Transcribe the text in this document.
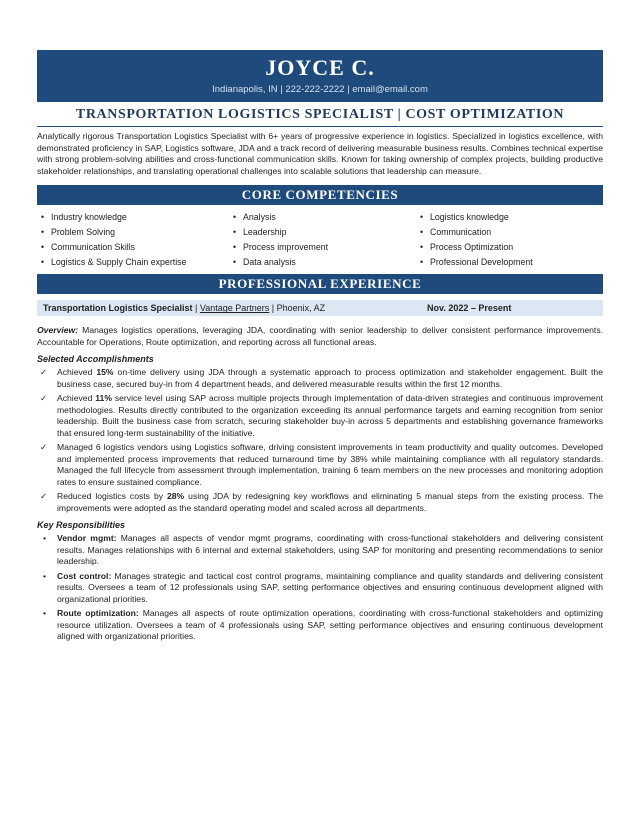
JOYCE C.
Indianapolis, IN | 222-222-2222 | email@email.com
TRANSPORTATION LOGISTICS SPECIALIST | COST OPTIMIZATION
Analytically rigorous Transportation Logistics Specialist with 6+ years of progressive experience in logistics. Specialized in logistics excellence, with demonstrated proficiency in SAP, Logistics software, JDA and a track record of delivering measurable business results. Combines technical expertise with strong problem-solving abilities and cross-functional communication skills. Known for taking ownership of complex projects, building productive stakeholder relationships, and translating operational challenges into scalable solutions that leadership can measure.
CORE COMPETENCIES
• Industry knowledge
• Problem Solving
• Communication Skills
• Logistics & Supply Chain expertise
• Analysis
• Leadership
• Process improvement
• Data analysis
• Logistics knowledge
• Communication
• Process Optimization
• Professional Development
PROFESSIONAL EXPERIENCE
Transportation Logistics Specialist | Vantage Partners | Phoenix, AZ	Nov. 2022 – Present
Overview: Manages logistics operations, leveraging JDA, coordinating with senior leadership to deliver consistent performance improvements. Accountable for Operations, Route optimization, and reporting across all functional areas.
Selected Accomplishments
✓ Achieved 15% on-time delivery using JDA through a systematic approach to process optimization and stakeholder engagement. Built the business case, secured buy-in from 4 department heads, and delivered measurable results within the first 12 months.
✓ Achieved 11% service level using SAP across multiple projects through implementation of data-driven strategies and continuous improvement methodologies. Results directly contributed to the organization exceeding its annual performance targets and earning recognition from senior leadership. Built the business case from scratch, securing stakeholder buy-in across 5 departments and establishing governance frameworks that ensured long-term sustainability of the initiative.
✓ Managed 6 logistics vendors using Logistics software, driving consistent improvements in team productivity and quality outcomes. Developed and implemented process improvements that reduced turnaround time by 38% while maintaining compliance with all regulatory standards. Managed the full lifecycle from assessment through implementation, training 6 team members on the new processes and monitoring adoption rates to ensure sustained compliance.
✓ Reduced logistics costs by 28% using JDA by redesigning key workflows and eliminating 5 manual steps from the existing process. The improvements were adopted as the standard operating model and scaled across all departments.
Key Responsibilities
• Vendor mgmt: Manages all aspects of vendor mgmt programs, coordinating with cross-functional stakeholders and delivering consistent results. Manages relationships with 6 internal and external stakeholders, using SAP for monitoring and presenting recommendations to senior leadership.
• Cost control: Manages strategic and tactical cost control programs, maintaining compliance and quality standards and delivering consistent results. Oversees a team of 12 professionals using SAP, setting performance objectives and ensuring continuous development aligned with organizational priorities.
• Route optimization: Manages all aspects of route optimization operations, coordinating with cross-functional stakeholders and optimizing resource utilization. Oversees a team of 4 professionals using SAP, setting performance objectives and ensuring continuous development aligned with organizational priorities.
